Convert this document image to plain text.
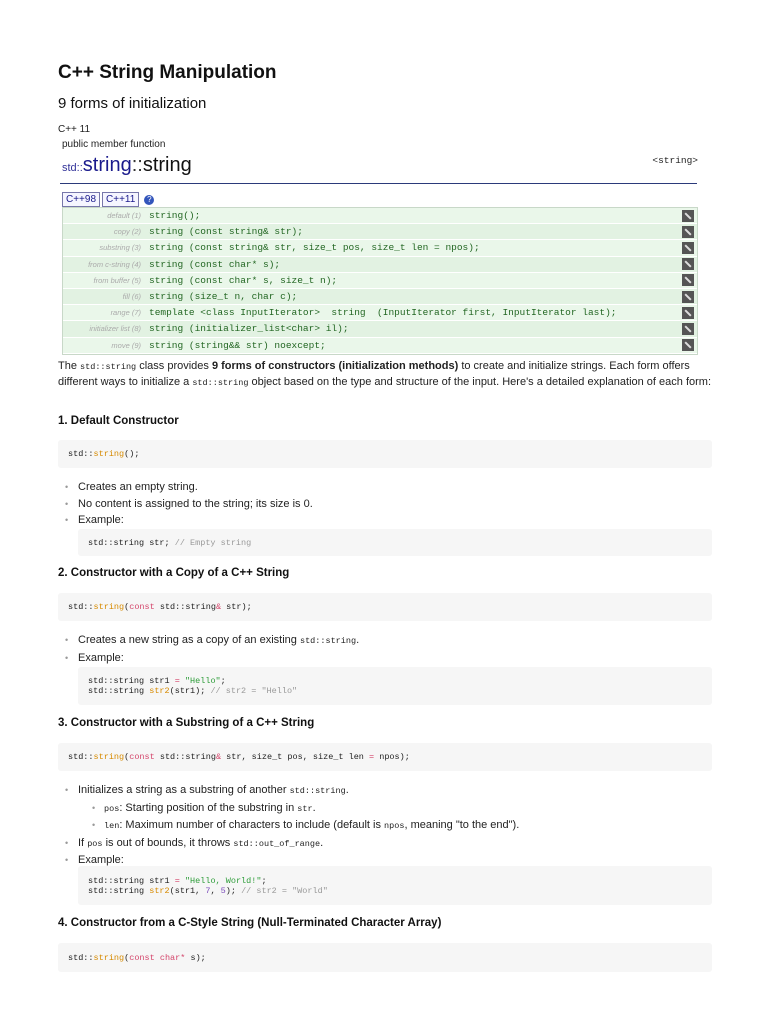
C++ String Manipulation
9 forms of initialization
C++ 11
public member function
std::string::string	<string>
C++98	C++11	?
default (1) string();
copy (2) string (const string& str);
substring (3) string (const string& str, size_t pos, size_t len = npos);
from c-string (4) string (const char* s);
from buffer (5) string (const char* s, size_t n);
fill (6) string (size_t n, char c);
range (7) template <class InputIterator>  string  (InputIterator first, InputIterator last);
initializer list (8) string (initializer_list<char> il);
move (9) string (string&& str) noexcept;
The std::string class provides 9 forms of constructors (initialization methods) to create and initialize strings. Each form offers different ways to initialize a std::string object based on the type and structure of the input. Here's a detailed explanation of each form:
1. Default Constructor
std::string();
• Creates an empty string.
• No content is assigned to the string; its size is 0.
• Example:
std::string str; // Empty string
2. Constructor with a Copy of a C++ String
std::string(const std::string& str);
• Creates a new string as a copy of an existing std::string.
• Example:
std::string str1 = "Hello";
std::string str2(str1); // str2 = "Hello"
3. Constructor with a Substring of a C++ String
std::string(const std::string& str, size_t pos, size_t len = npos);
• Initializes a string as a substring of another std::string.
• pos: Starting position of the substring in str.
• len: Maximum number of characters to include (default is npos, meaning "to the end").
• If pos is out of bounds, it throws std::out_of_range.
• Example:
std::string str1 = "Hello, World!";
std::string str2(str1, 7, 5); // str2 = "World"
4. Constructor from a C-Style String (Null-Terminated Character Array)
std::string(const char* s);
